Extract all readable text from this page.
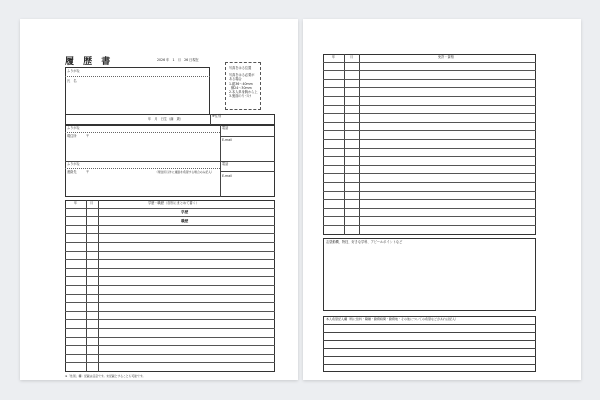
履 歴 書	2026 年　1　月　26 日現在
ふりがな
氏　名
写真をはる位置
写真をはる必要が
ある場合
1.縦36～40mm
横24～30mm
2.本人単身胸から上
3.裏面のりづけ
年　月　日生（満　歳）
※性別
ふりがな
現住所	〒
電話
E-mail
ふりがな
連絡先	〒	（現住所以外に連絡を希望する場合のみ記入）
電話
E-mail
年	月	学歴・職歴（各別にまとめて書く）
学歴
職歴
※「性別」欄：記載は任意です。未記載とすることも可能です。
年	月	免許・資格
志望動機、特技、好きな学科、アピールポイントなど
本人希望記入欄（特に給料・職種・勤務時間・勤務地・その他についての希望などがあれば記入）
